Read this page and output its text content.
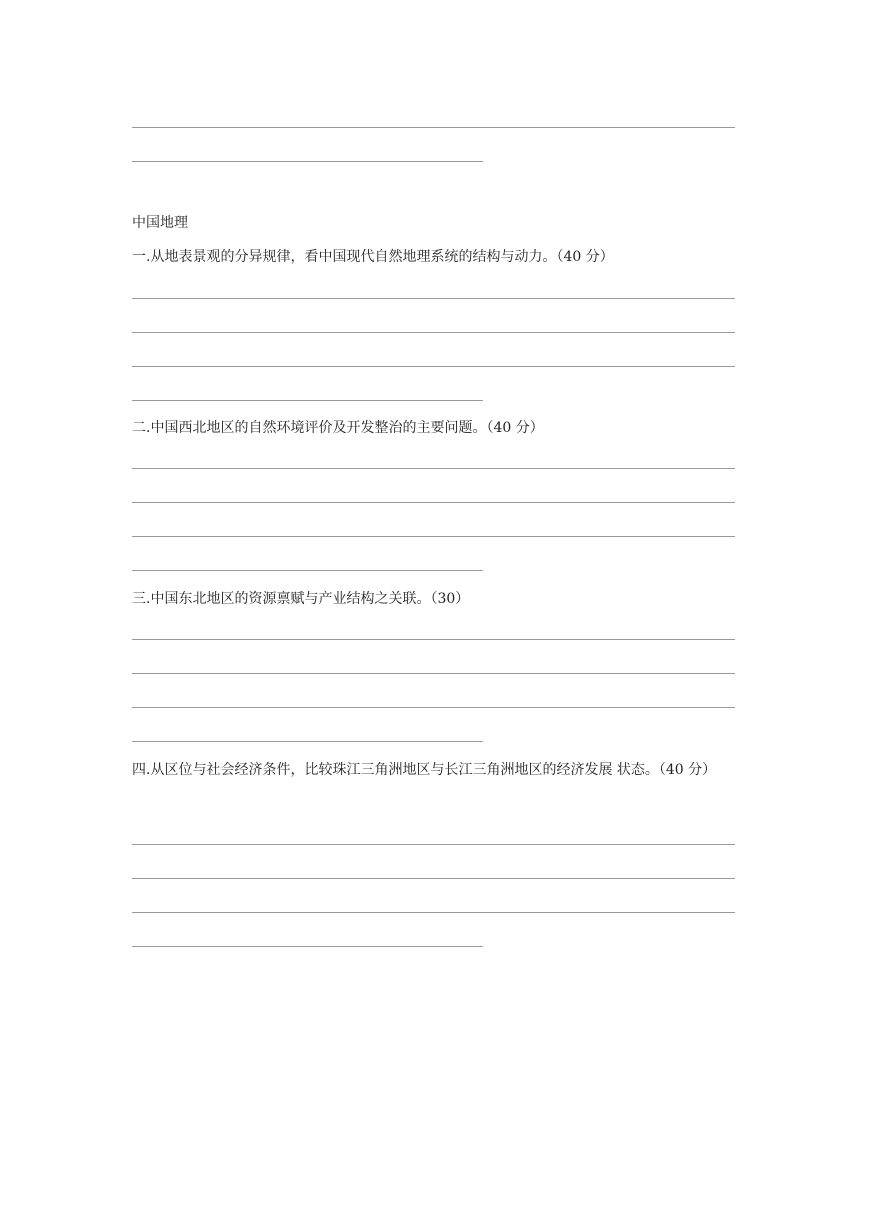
中国地理
一.从地表景观的分异规律，看中国现代自然地理系统的结构与动力。（40 分）
二.中国西北地区的自然环境评价及开发整治的主要问题。（40 分）
三.中国东北地区的资源禀赋与产业结构之关联。（30）
四.从区位与社会经济条件，比较珠江三角洲地区与长江三角洲地区的经济发展 状态。（40 分）
